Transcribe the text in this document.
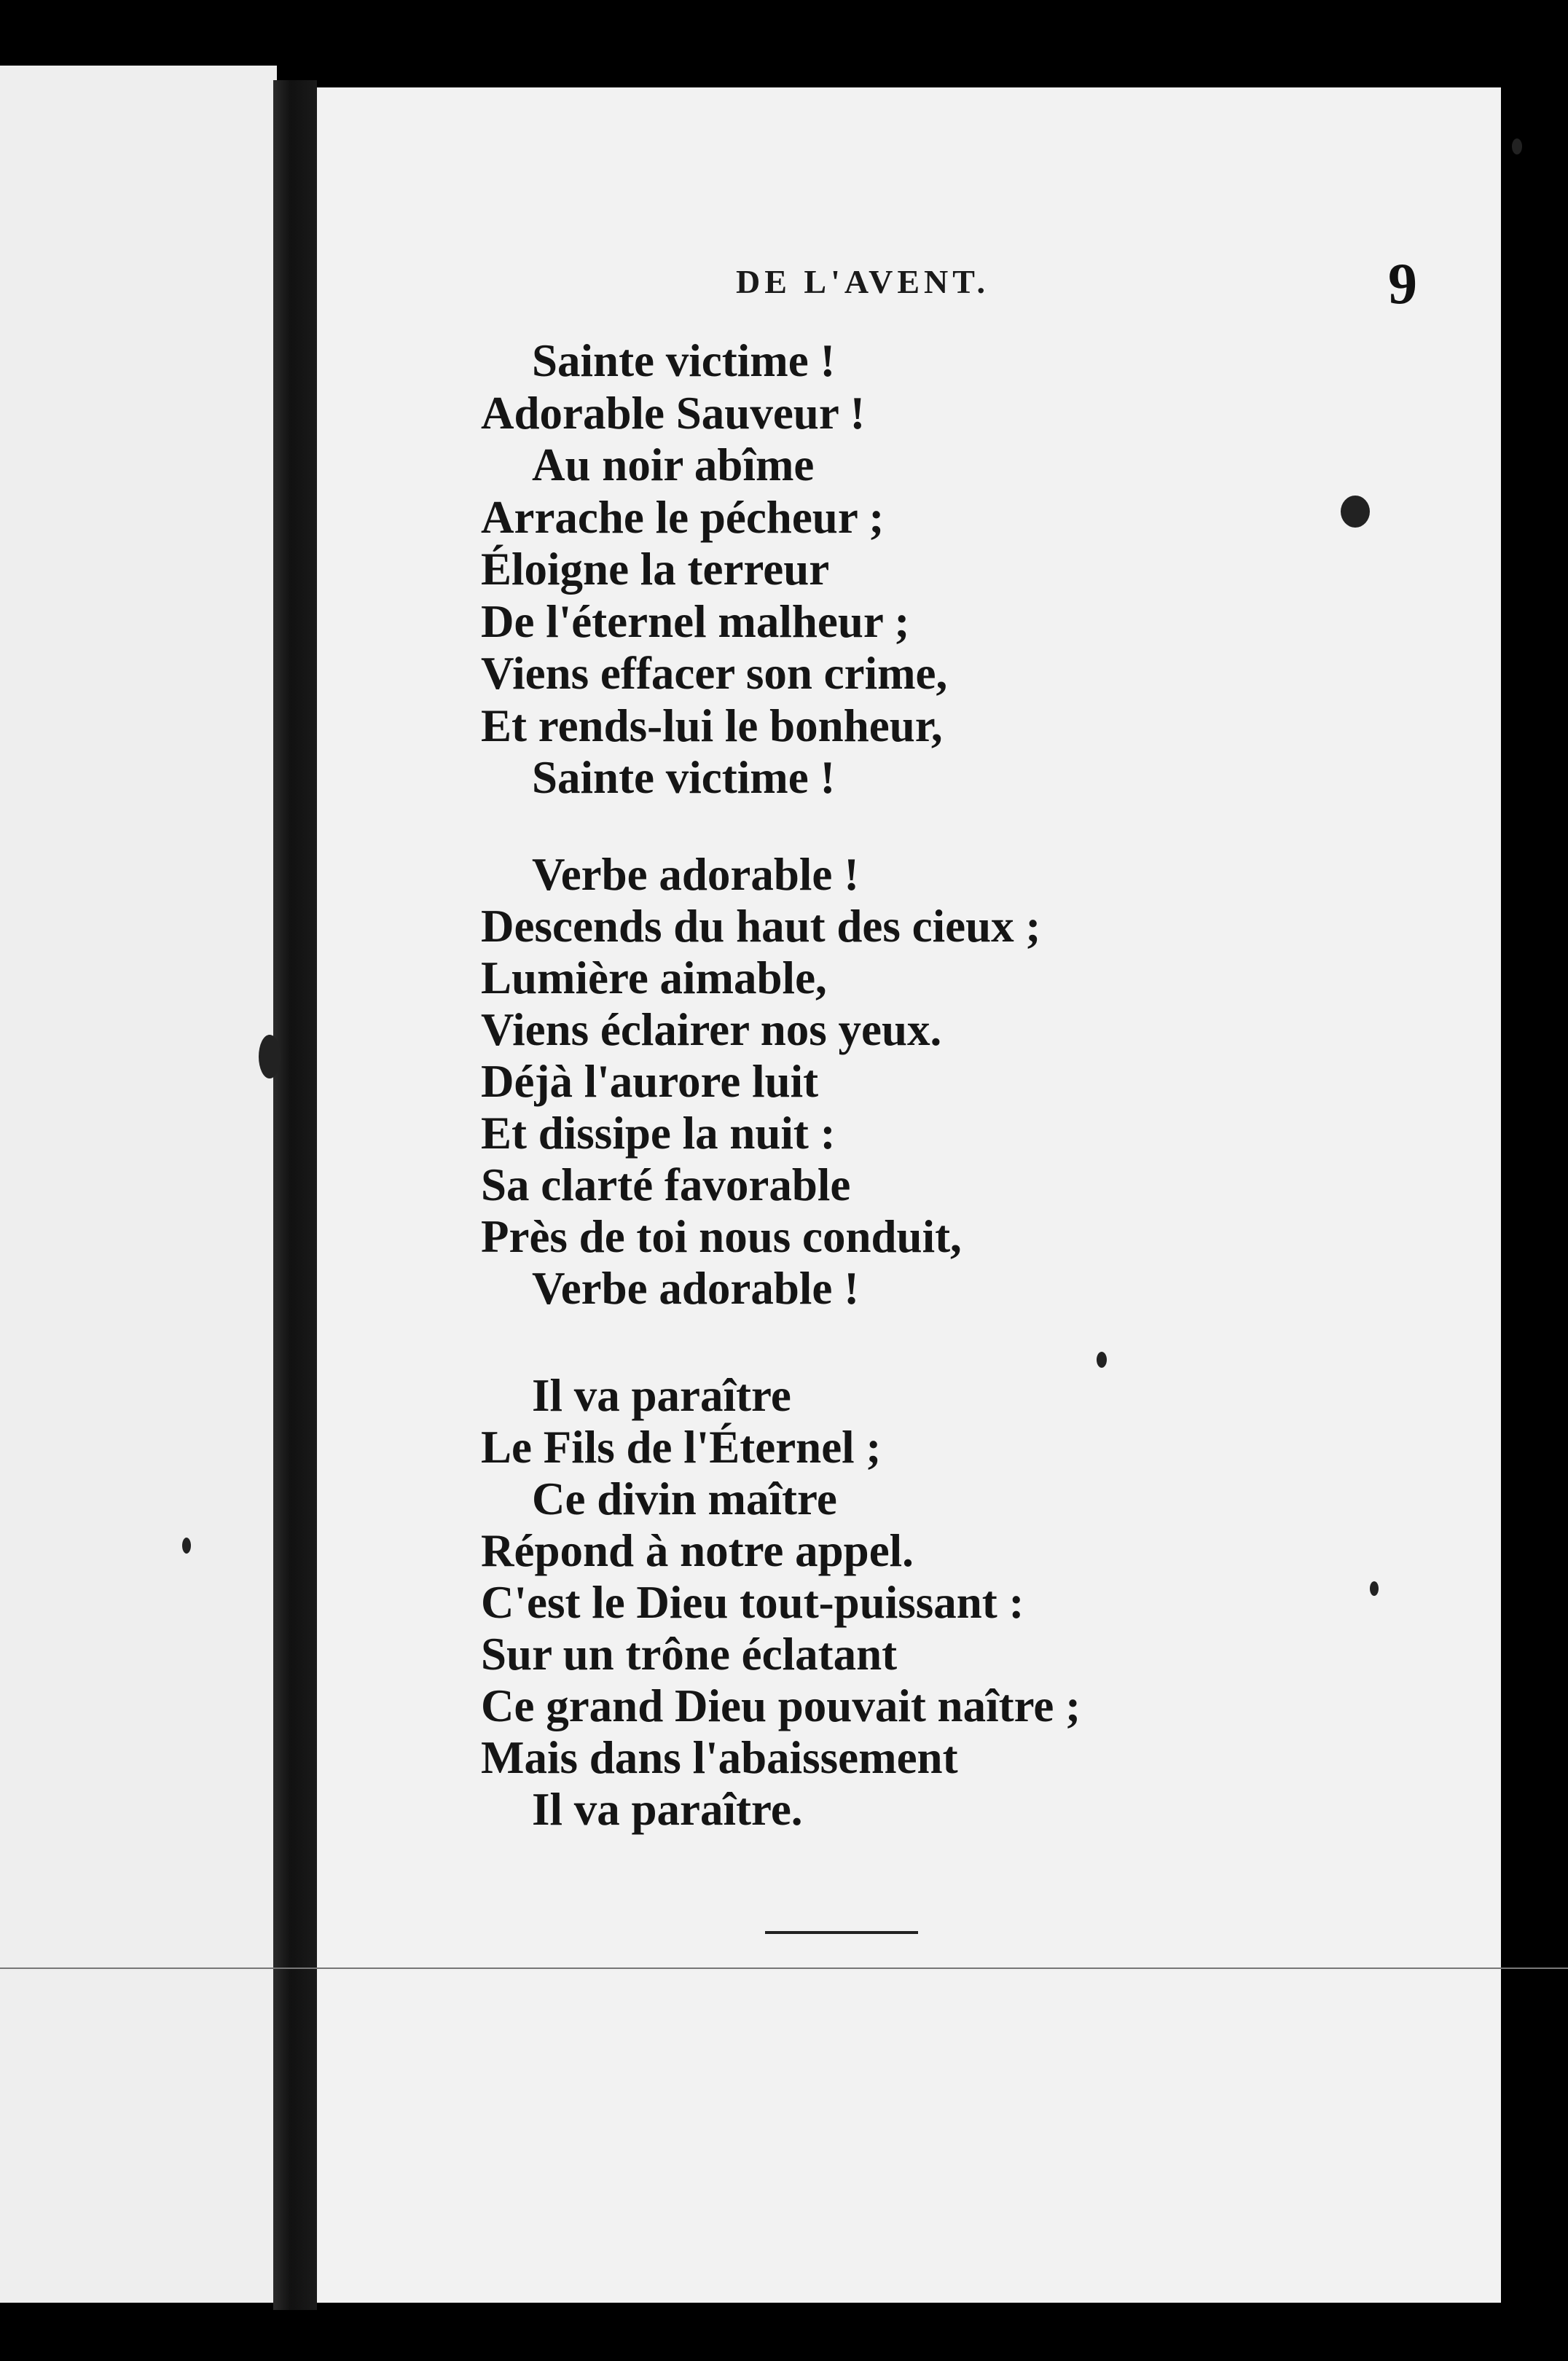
DE L'AVENT.	9
Sainte victime !
Adorable Sauveur !
Au noir abîme
Arrache le pécheur ;
Éloigne la terreur
De l'éternel malheur ;
Viens effacer son crime,
Et rends-lui le bonheur,
Sainte victime !
Verbe adorable !
Descends du haut des cieux ;
Lumière aimable,
Viens éclairer nos yeux.
Déjà l'aurore luit
Et dissipe la nuit :
Sa clarté favorable
Près de toi nous conduit,
Verbe adorable !
Il va paraître
Le Fils de l'Éternel ;
Ce divin maître
Répond à notre appel.
C'est le Dieu tout-puissant :
Sur un trône éclatant
Ce grand Dieu pouvait naître ;
Mais dans l'abaissement
Il va paraître.
